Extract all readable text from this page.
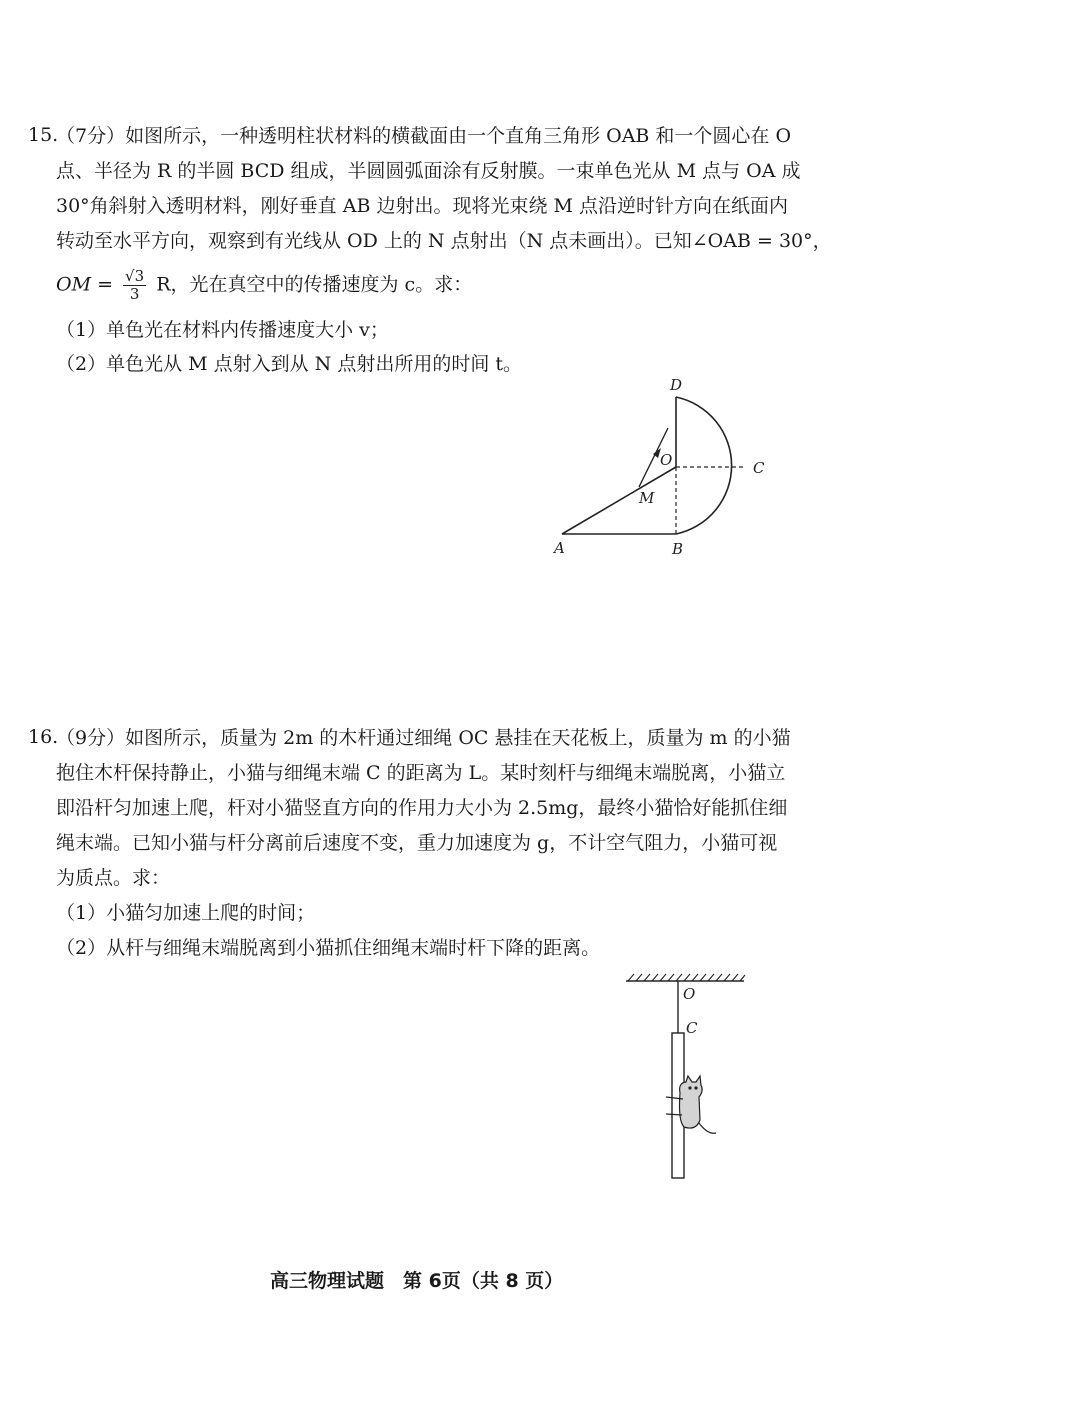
15.
（7分）如图所示，一种透明柱状材料的横截面由一个直角三角形 OAB 和一个圆心在 O
点、半径为 R 的半圆 BCD 组成，半圆圆弧面涂有反射膜。一束单色光从 M 点与 OA 成
30°角斜射入透明材料，刚好垂直 AB 边射出。现将光束绕 M 点沿逆时针方向在纸面内
转动至水平方向，观察到有光线从 OD 上的 N 点射出（N 点未画出）。已知∠OAB = 30°，
OM = $\frac{√3}{3}$ R，光在真空中的传播速度为 c。求：
（1）单色光在材料内传播速度大小 v；
（2）单色光从 M 点射入到从 N 点射出所用的时间 t。
D
O	C
M
A	B
16.
（9分）如图所示，质量为 2m 的木杆通过细绳 OC 悬挂在天花板上，质量为 m 的小猫
抱住木杆保持静止，小猫与细绳末端 C 的距离为 L。某时刻杆与细绳末端脱离，小猫立
即沿杆匀加速上爬，杆对小猫竖直方向的作用力大小为 2.5mg，最终小猫恰好能抓住细
绳末端。已知小猫与杆分离前后速度不变，重力加速度为 g，不计空气阻力，小猫可视
为质点。求：
（1）小猫匀加速上爬的时间；
（2）从杆与细绳末端脱离到小猫抓住细绳末端时杆下降的距离。
O
C
高三物理试题　第 6页（共 8 页）
